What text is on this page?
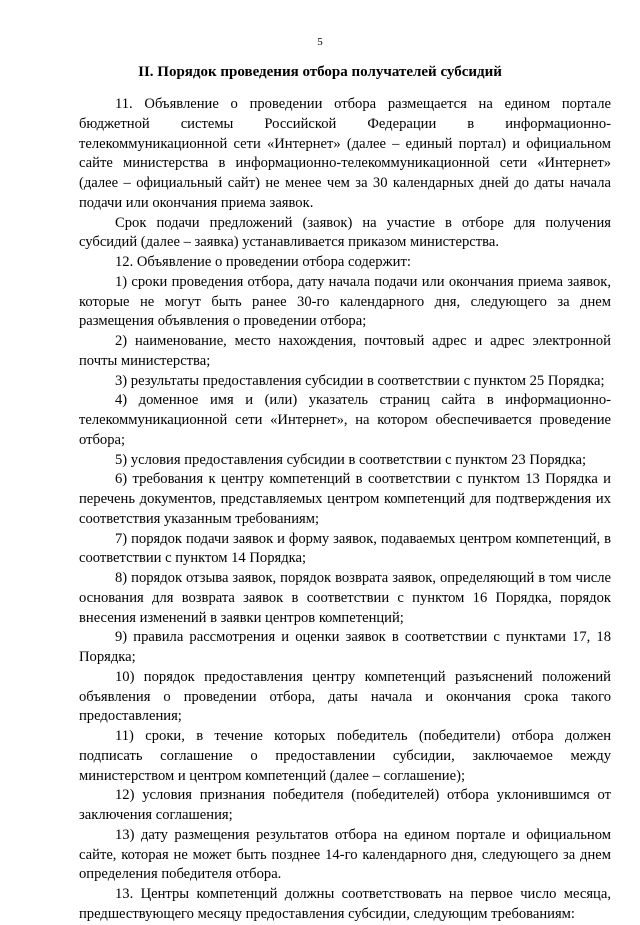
5
II. Порядок проведения отбора получателей субсидий

11. Объявление о проведении отбора размещается на едином портале бюджетной системы Российской Федерации в информационно-телекоммуникационной сети «Интернет» (далее – единый портал) и официальном сайте министерства в информационно-телекоммуникационной сети «Интернет» (далее – официальный сайт) не менее чем за 30 календарных дней до даты начала подачи или окончания приема заявок.

Срок подачи предложений (заявок) на участие в отборе для получения субсидий (далее – заявка) устанавливается приказом министерства.

12. Объявление о проведении отбора содержит:

1) сроки проведения отбора, дату начала подачи или окончания приема заявок, которые не могут быть ранее 30-го календарного дня, следующего за днем размещения объявления о проведении отбора;

2) наименование, место нахождения, почтовый адрес и адрес электронной почты министерства;

3) результаты предоставления субсидии в соответствии с пунктом 25 Порядка;

4) доменное имя и (или) указатель страниц сайта в информационно-телекоммуникационной сети «Интернет», на котором обеспечивается проведение отбора;

5) условия предоставления субсидии в соответствии с пунктом 23 Порядка;

6) требования к центру компетенций в соответствии с пунктом 13 Порядка и перечень документов, представляемых центром компетенций для подтверждения их соответствия указанным требованиям;

7) порядок подачи заявок и форму заявок, подаваемых центром компетенций, в соответствии с пунктом 14 Порядка;

8) порядок отзыва заявок, порядок возврата заявок, определяющий в том числе основания для возврата заявок в соответствии с пунктом 16 Порядка, порядок внесения изменений в заявки центров компетенций;

9) правила рассмотрения и оценки заявок в соответствии с пунктами 17, 18 Порядка;

10) порядок предоставления центру компетенций разъяснений положений объявления о проведении отбора, даты начала и окончания срока такого предоставления;

11) сроки, в течение которых победитель (победители) отбора должен подписать соглашение о предоставлении субсидии, заключаемое между министерством и центром компетенций (далее – соглашение);

12) условия признания победителя (победителей) отбора уклонившимся от заключения соглашения;

13) дату размещения результатов отбора на едином портале и официальном сайте, которая не может быть позднее 14-го календарного дня, следующего за днем определения победителя отбора.

13. Центры компетенций должны соответствовать на первое число месяца, предшествующего месяцу предоставления субсидии, следующим требованиям:
